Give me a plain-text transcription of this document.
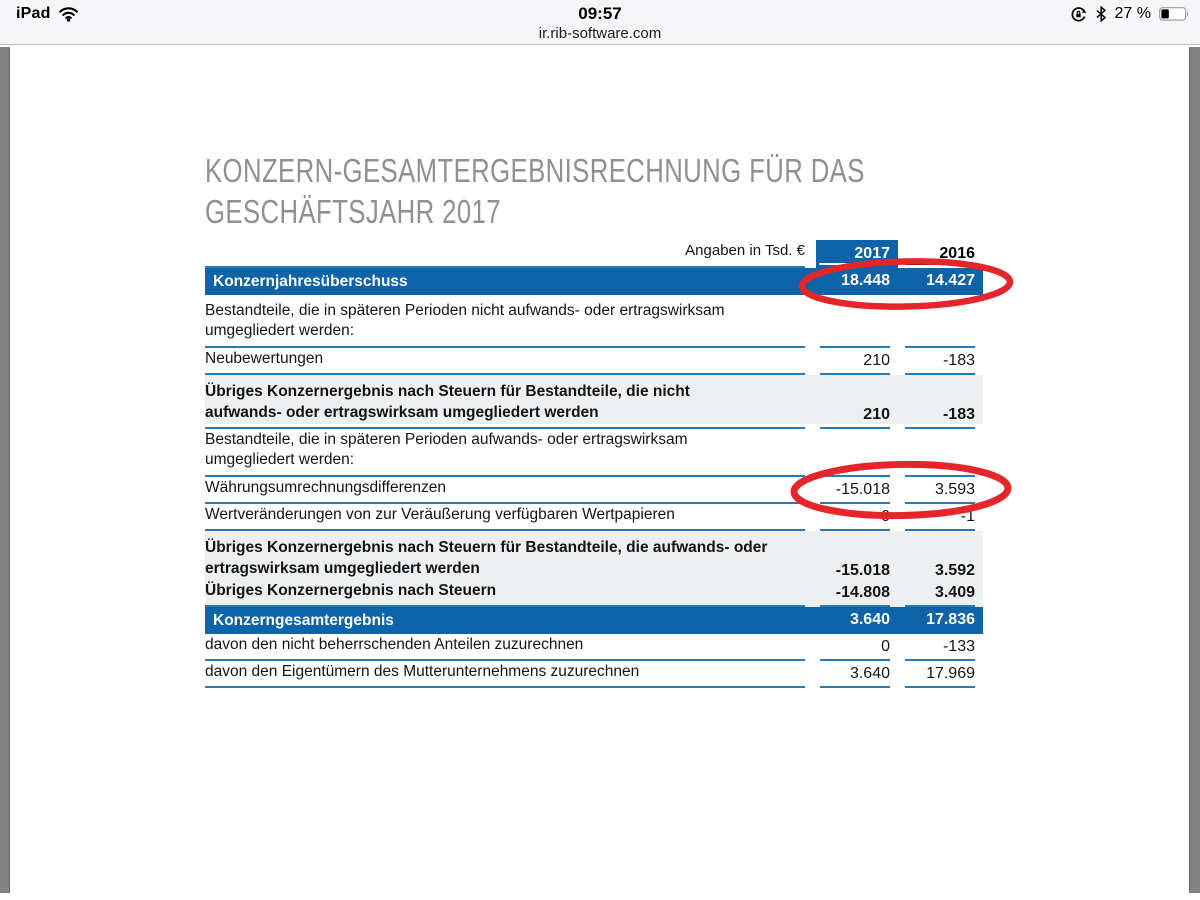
iPad	09:57	27 %
ir.rib-software.com
KONZERN-GESAMTERGEBNISRECHNUNG FÜR DAS
GESCHÄFTSJAHR 2017
Angaben in Tsd. €	2017	2016
Konzernjahresüberschuss	18.448	14.427
Bestandteile, die in späteren Perioden nicht aufwands- oder ertragswirksam
umgegliedert werden:
Neubewertungen	210	-183
Übriges Konzernergebnis nach Steuern für Bestandteile, die nicht
aufwands- oder ertragswirksam umgegliedert werden	210	-183
Bestandteile, die in späteren Perioden aufwands- oder ertragswirksam
umgegliedert werden:
Währungsumrechnungsdifferenzen	-15.018	3.593
Wertveränderungen von zur Veräußerung verfügbaren Wertpapieren	0	-1
Übriges Konzernergebnis nach Steuern für Bestandteile, die aufwands- oder
ertragswirksam umgegliedert werden	-15.018	3.592
Übriges Konzernergebnis nach Steuern	-14.808	3.409
Konzerngesamtergebnis	3.640	17.836
davon den nicht beherrschenden Anteilen zuzurechnen	0	-133
davon den Eigentümern des Mutterunternehmens zuzurechnen	3.640	17.969
